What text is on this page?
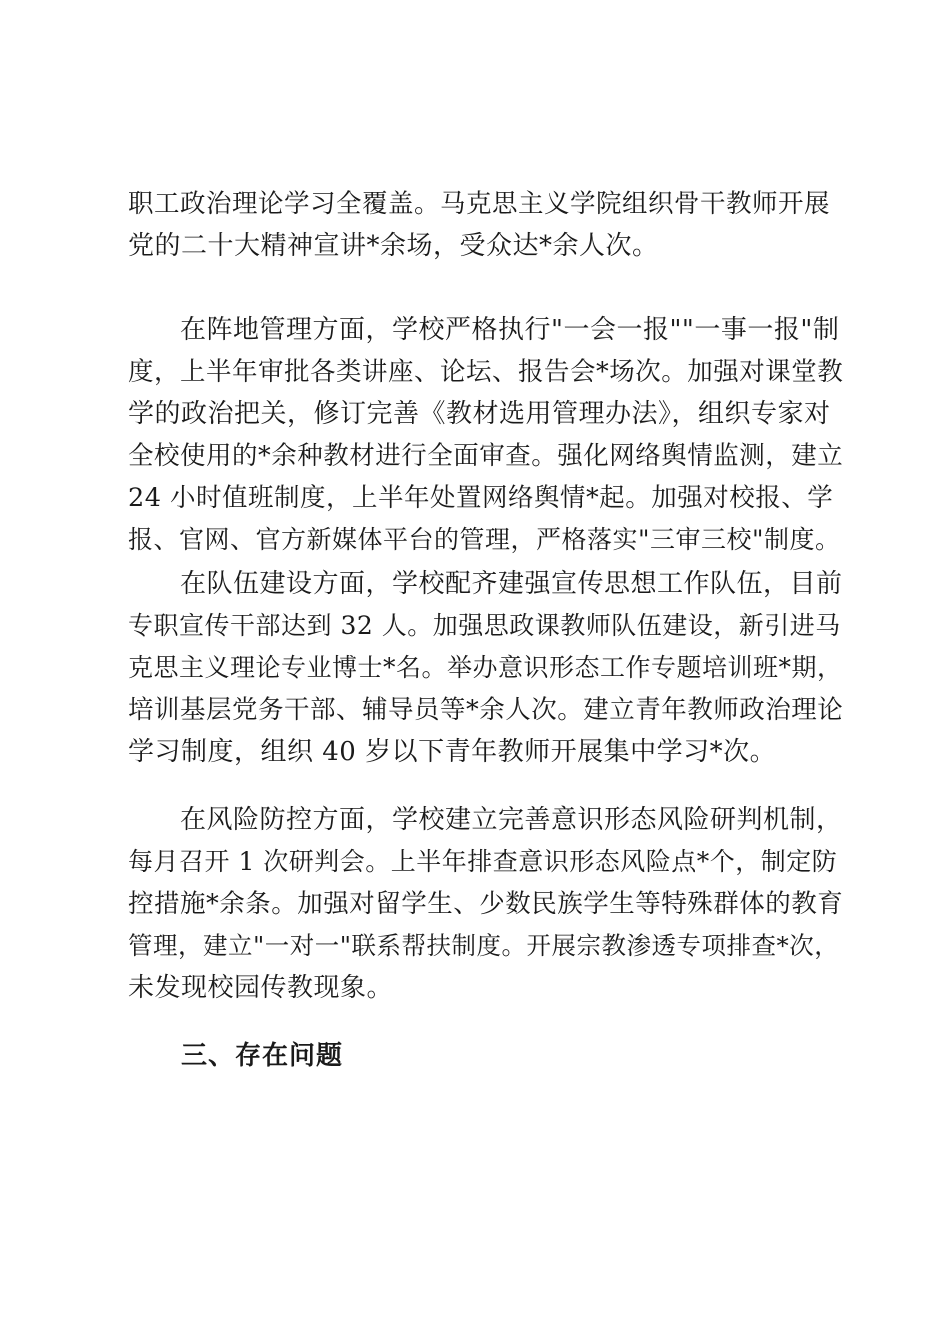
职工政治理论学习全覆盖。马克思主义学院组织骨干教师开展
党的二十大精神宣讲*余场，受众达*余人次。
在阵地管理方面，学校严格执行"一会一报""一事一报"制
度，上半年审批各类讲座、论坛、报告会*场次。加强对课堂教
学的政治把关，修订完善《教材选用管理办法》，组织专家对
全校使用的*余种教材进行全面审查。强化网络舆情监测，建立
24 小时值班制度，上半年处置网络舆情*起。加强对校报、学
报、官网、官方新媒体平台的管理，严格落实"三审三校"制度。
在队伍建设方面，学校配齐建强宣传思想工作队伍，目前
专职宣传干部达到 32 人。加强思政课教师队伍建设，新引进马
克思主义理论专业博士*名。举办意识形态工作专题培训班*期，
培训基层党务干部、辅导员等*余人次。建立青年教师政治理论
学习制度，组织 40 岁以下青年教师开展集中学习*次。
在风险防控方面，学校建立完善意识形态风险研判机制，
每月召开 1 次研判会。上半年排查意识形态风险点*个，制定防
控措施*余条。加强对留学生、少数民族学生等特殊群体的教育
管理，建立"一对一"联系帮扶制度。开展宗教渗透专项排查*次，
未发现校园传教现象。
三、存在问题
